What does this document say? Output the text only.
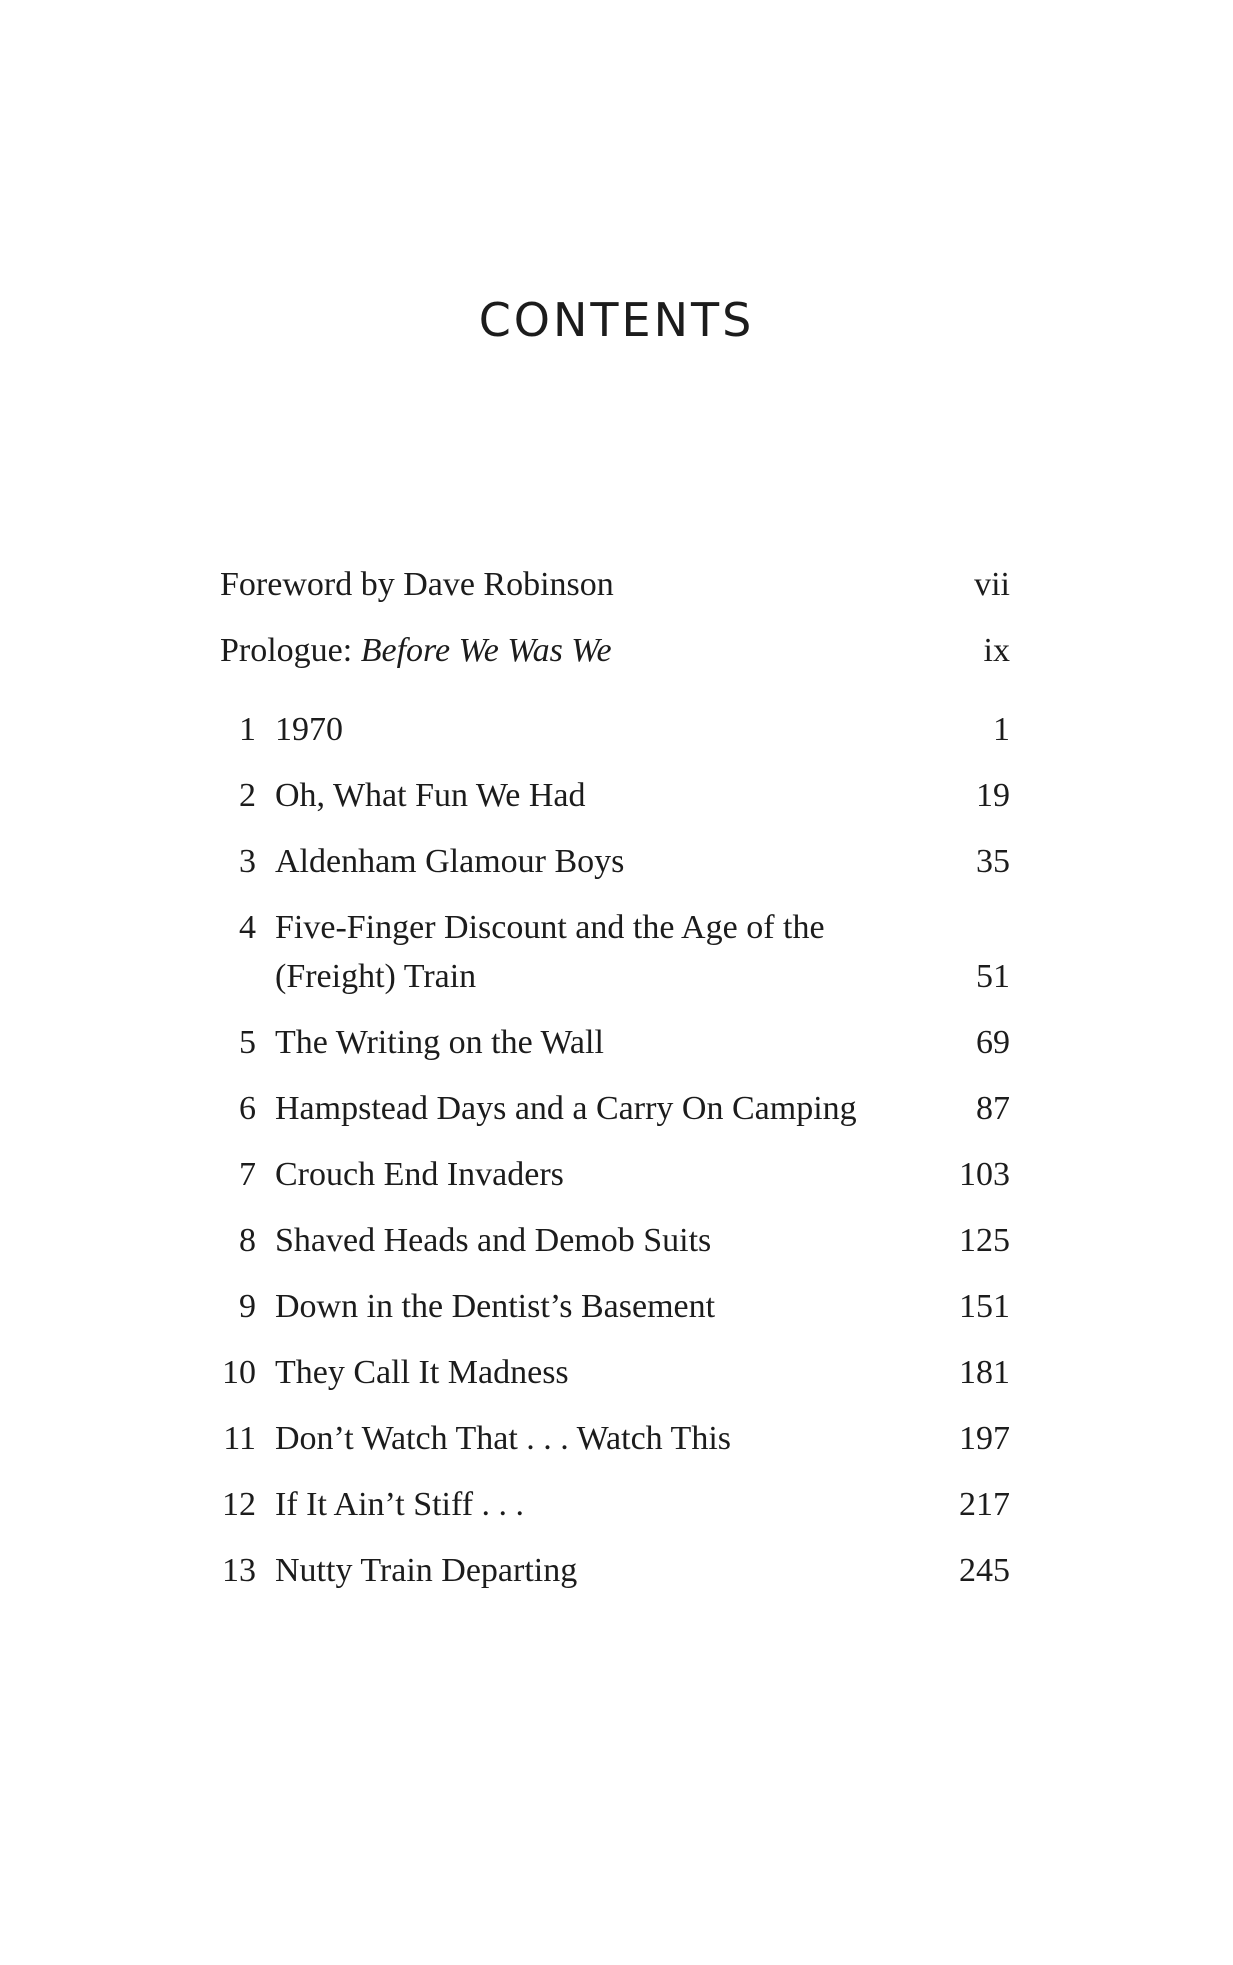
CONTENTS
Foreword by Dave Robinson	vii
Prologue: Before We Was We	ix
1 1970	1
2 Oh, What Fun We Had	19
3 Aldenham Glamour Boys	35
4 Five-Finger Discount and the Age of the (Freight) Train	51
5 The Writing on the Wall	69
6 Hampstead Days and a Carry On Camping	87
7 Crouch End Invaders	103
8 Shaved Heads and Demob Suits	125
9 Down in the Dentist’s Basement	151
10 They Call It Madness	181
11 Don’t Watch That . . . Watch This	197
12 If It Ain’t Stiff . . .	217
13 Nutty Train Departing	245
